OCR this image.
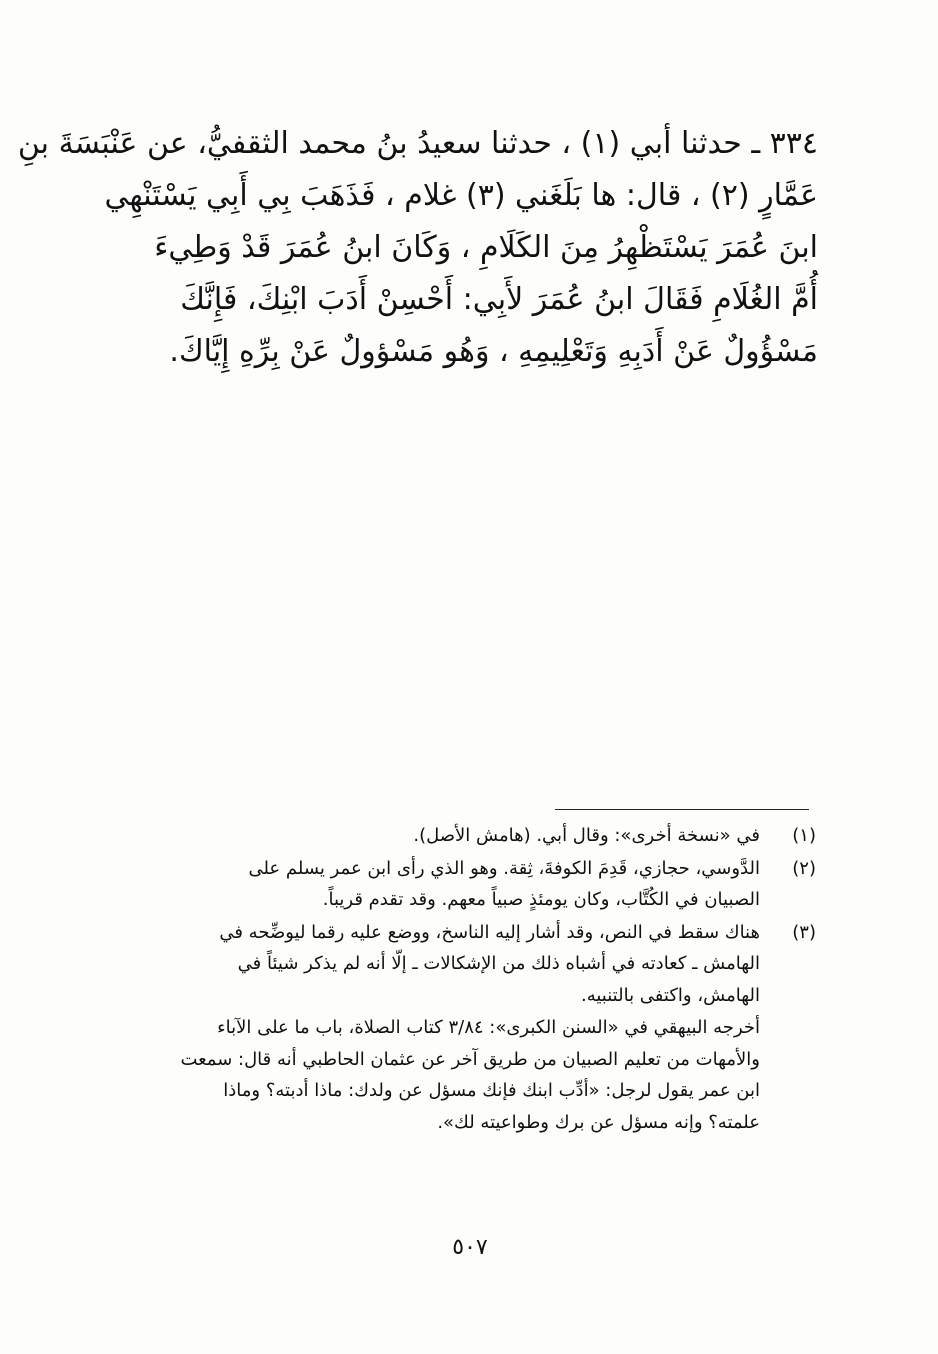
٣٣٤ ـ حدثنا أبي (١) ، حدثنا سعيدُ بنُ محمد الثقفيُّ، عن عَنْبَسَةَ بنِ
عَمَّارٍ (٢) ، قال: ها بَلَغَني (٣) غلام ، فَذَهَبَ بِي أَبِي يَسْتَنْهِي
ابنَ عُمَرَ يَسْتَظْهِرُ مِنَ الكَلَامِ ، وَكَانَ ابنُ عُمَرَ قَدْ وَطِيءَ
أُمَّ الغُلَامِ فَقَالَ ابنُ عُمَرَ لأَبِي: أَحْسِنْ أَدَبَ ابْنِكَ، فَإِنَّكَ
مَسْؤُولٌ عَنْ أَدَبِهِ وَتَعْلِيمِهِ ، وَهُو مَسْؤولٌ عَنْ بِرِّهِ إِيَّاكَ.
(١)
في «نسخة أخرى»: وقال أبي. (هامش الأصل).
(٢)
الدَّوسي، حجازي، قَدِمَ الكوفةَ، ثِقة. وهو الذي رأى ابن عمر يسلم على
الصبيان في الكُتَّاب، وكان يومئذٍ صبياً معهم. وقد تقدم قريباً.
(٣)
هناك سقط في النص، وقد أشار إليه الناسخ، ووضع عليه رقما ليوضِّحه في
الهامش ـ كعادته في أشباه ذلك من الإشكالات ـ إلّا أنه لم يذكر شيئاً في
الهامش، واكتفى بالتنبيه.
أخرجه البيهقي في «السنن الكبرى»: ٣/٨٤ كتاب الصلاة، باب ما على الآباء
والأمهات من تعليم الصبيان من طريق آخر عن عثمان الحاطبي أنه قال: سمعت
ابن عمر يقول لرجل: «أدِّب ابنك فإنك مسؤل عن ولدك: ماذا أدبته؟ وماذا
علمته؟ وإنه مسؤل عن برك وطواعيته لك».
٥٠٧
